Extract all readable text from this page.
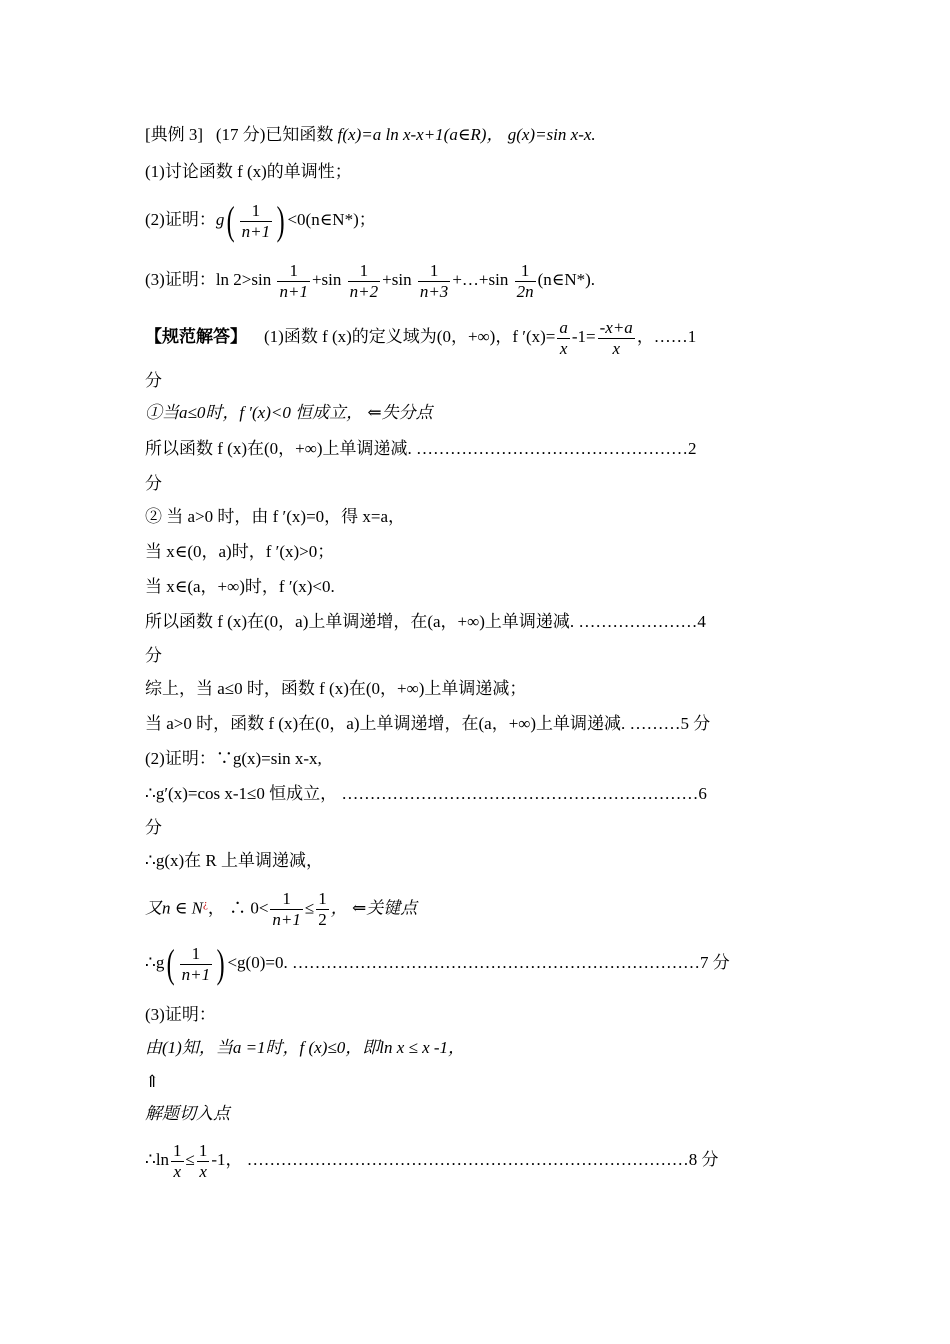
[典例 3] (17 分)已知函数 f(x)=a ln x-x+1(a∈R)， g(x)=sin x-x.
(1)讨论函数 f (x)的单调性；
(2)证明：$g( \frac{1}{n+1}$ ) <0(n∈N*)；
(3)证明：$\ln 2>\sin \frac{1}{n+1} +\sin \frac{1}{n+2} +\sin \frac{1}{n+3}$ +…+sin $\frac{1}{2n}$ (n∈N*).
【规范解答】 (1)函数 f (x)的定义域为(0，+∞)，f $'(x)= \frac{a}{x} -1= \frac{-x+a}{x}$ ，……1
分
①当a≤0时，f ′(x)<0 恒成立， ⇐失分点
所以函数 f (x)在(0，+∞)上单调递减. …………………………………………2
分
② 当 a>0 时，由 f ′(x)=0，得 x=a，
当 x∈(0，a)时，f ′(x)>0；
当 x∈(a，+∞)时，f ′(x)<0.
所以函数 f (x)在(0，a)上单调递增，在(a，+∞)上单调递减. …………………4
分
综上，当 a≤0 时，函数 f (x)在(0，+∞)上单调递减；
当 a>0 时，函数 f (x)在(0，a)上单调递增，在(a，+∞)上单调递减. ………5 分
(2)证明：∵g(x)=sin x-x,
∴g′(x)=cos x-1≤0 恒成立， ………………………………………………………6
分
∴g(x)在 R 上单调递减，
又n ∈ N¿， ∴ $0< \frac{1}{n+1} \le \frac{1}{2}$ ， ⇐关键点
∴g( $\frac{1}{n+1}$ ) <g(0)=0. ………………………………………………………………7 分
(3)证明：
由(1)知，当a =1时，f (x)≤0，即ln x ≤ x -1，
⇑
解题切入点
∴ln $\frac{1}{x} \le \frac{1}{x} -1$， ……………………………………………………………………8 分
